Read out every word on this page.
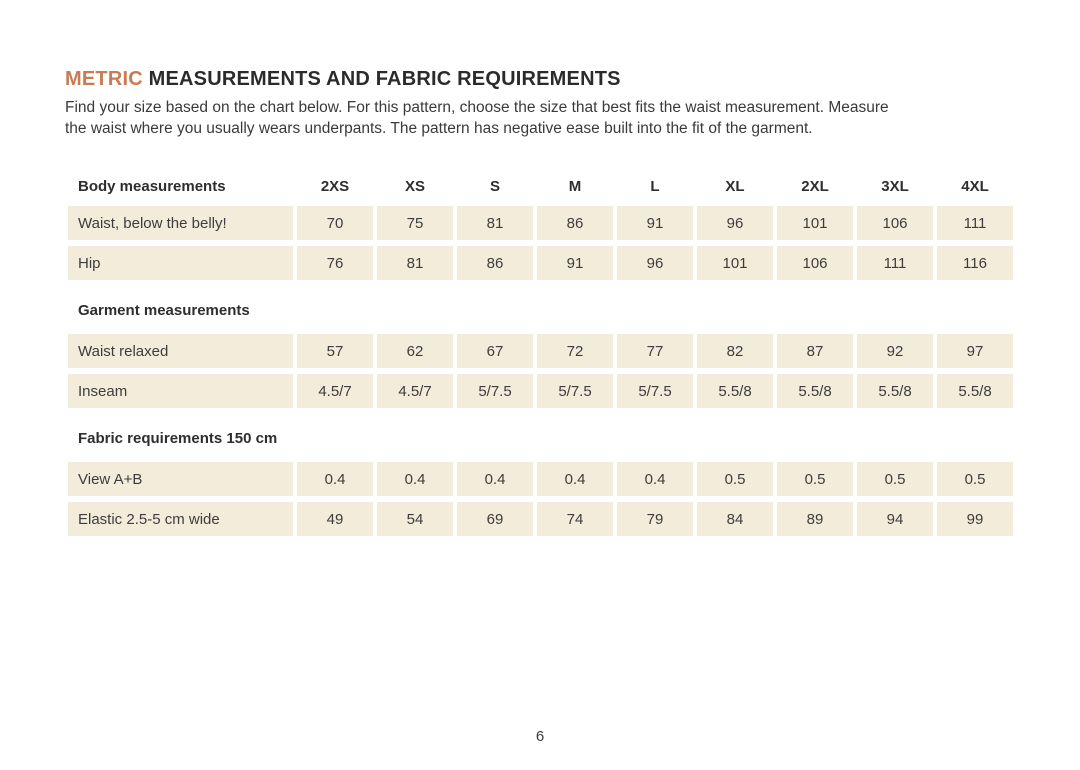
METRIC MEASUREMENTS AND FABRIC REQUIREMENTS

Find your size based on the chart below. For this pattern, choose the size that best fits the waist measurement. Measure
the waist where you usually wears underpants. The pattern has negative ease built into the fit of the garment.

Body measurements	2XS	XS	S	M	L	XL	2XL	3XL	4XL
Waist, below the belly!	70	75	81	86	91	96	101	106	111
Hip	76	81	86	91	96	101	106	111	116
Garment measurements
Waist relaxed	57	62	67	72	77	82	87	92	97
Inseam	4.5/7	4.5/7	5/7.5	5/7.5	5/7.5	5.5/8	5.5/8	5.5/8	5.5/8
Fabric requirements 150 cm
View A+B	0.4	0.4	0.4	0.4	0.4	0.5	0.5	0.5	0.5
Elastic 2.5-5 cm wide	49	54	69	74	79	84	89	94	99
6
